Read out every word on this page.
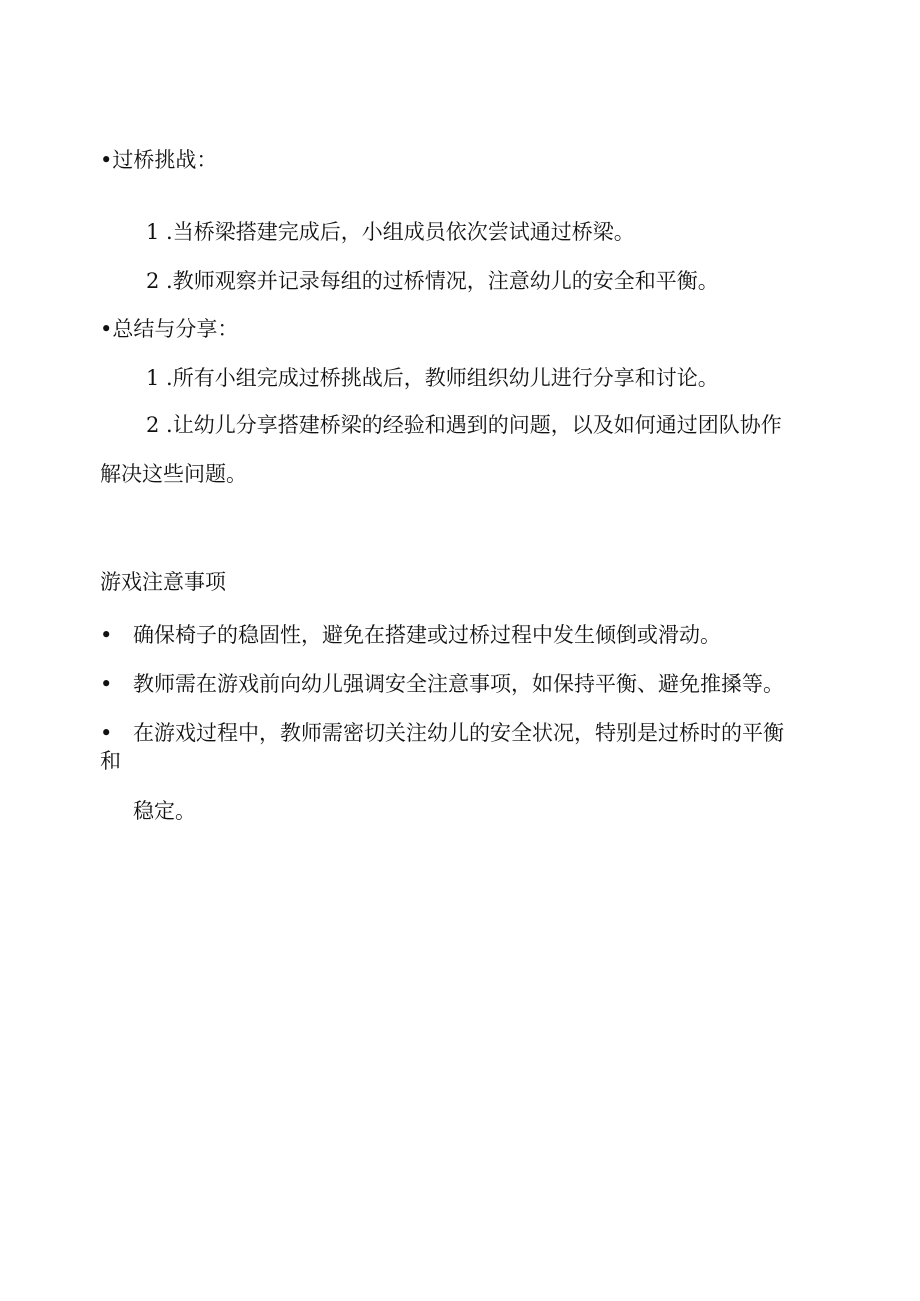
•过桥挑战：
1 .当桥梁搭建完成后，小组成员依次尝试通过桥梁。
2 .教师观察并记录每组的过桥情况，注意幼儿的安全和平衡。
•总结与分享：
1 .所有小组完成过桥挑战后，教师组织幼儿进行分享和讨论。
2 .让幼儿分享搭建桥梁的经验和遇到的问题，以及如何通过团队协作
解决这些问题。
游戏注意事项
• 确保椅子的稳固性，避免在搭建或过桥过程中发生倾倒或滑动。
• 教师需在游戏前向幼儿强调安全注意事项，如保持平衡、避免推搡等。
• 在游戏过程中，教师需密切关注幼儿的安全状况，特别是过桥时的平衡
和
稳定。
